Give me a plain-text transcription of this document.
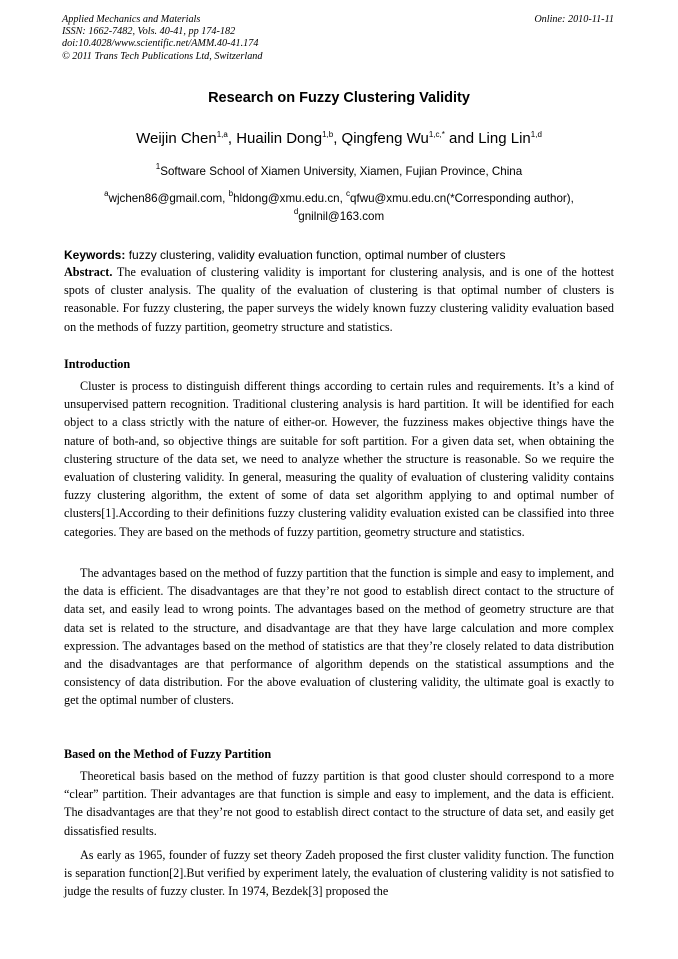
Applied Mechanics and Materials
ISSN: 1662-7482, Vols. 40-41, pp 174-182
doi:10.4028/www.scientific.net/AMM.40-41.174
© 2011 Trans Tech Publications Ltd, Switzerland
Online: 2010-11-11
Research on Fuzzy Clustering Validity
Weijin Chen$^{1,a}$, Huailin Dong$^{1,b}$, Qingfeng $Wu^{1,c,*}$ and Ling Lin$^{1,d}$
$^1$Software School of Xiamen University, Xiamen, Fujian Province, China
$^a$wjchen86@gmail.com, $^b$hldong@xmu.edu.cn, $^c$qfwu@xmu.edu.cn(*Corresponding author),
$^d$gnilnil@163.com
Keywords: fuzzy clustering, validity evaluation function, optimal number of clusters

Abstract. The evaluation of clustering validity is important for clustering analysis, and is one of the hottest spots of cluster analysis. The quality of the evaluation of clustering is that optimal number of clusters is reasonable. For fuzzy clustering, the paper surveys the widely known fuzzy clustering validity evaluation based on the methods of fuzzy partition, geometry structure and statistics.

Introduction

Cluster is process to distinguish different things according to certain rules and requirements. It’s a kind of unsupervised pattern recognition. Traditional clustering analysis is hard partition. It will be identified for each object to a class strictly with the nature of either-or. However, the fuzziness makes objective things have the nature of both-and, so objective things are suitable for soft partition. For a given data set, when obtaining the clustering structure of the data set, we need to analyze whether the structure is reasonable. So we require the evaluation of clustering validity. In general, measuring the quality of evaluation of clustering validity contains fuzzy clustering algorithm, the extent of some of data set algorithm applying to and optimal number of clusters[1].According to their definitions fuzzy clustering validity evaluation existed can be classified into three categories. They are based on the methods of fuzzy partition, geometry structure and statistics.

The advantages based on the method of fuzzy partition that the function is simple and easy to implement, and the data is efficient. The disadvantages are that they’re not good to establish direct contact to the structure of data set, and easily lead to wrong points. The advantages based on the method of geometry structure are that data set is related to the structure, and disadvantage are that they have large calculation and more complex expression. The advantages based on the method of statistics are that they’re closely related to data distribution and the disadvantages are that performance of algorithm depends on the statistical assumptions and the consistency of data distribution. For the above evaluation of clustering validity, the ultimate goal is exactly to get the optimal number of clusters.

Based on the Method of Fuzzy Partition

Theoretical basis based on the method of fuzzy partition is that good cluster should correspond to a more “clear” partition. Their advantages are that function is simple and easy to implement, and the data is efficient. The disadvantages are that they’re not good to establish direct contact to the structure of data set, and easily get dissatisfied results.

As early as 1965, founder of fuzzy set theory Zadeh proposed the first cluster validity function. The function is separation function[2].But verified by experiment lately, the evaluation of clustering validity is not satisfied to judge the results of fuzzy cluster. In 1974, Bezdek[3] proposed the
